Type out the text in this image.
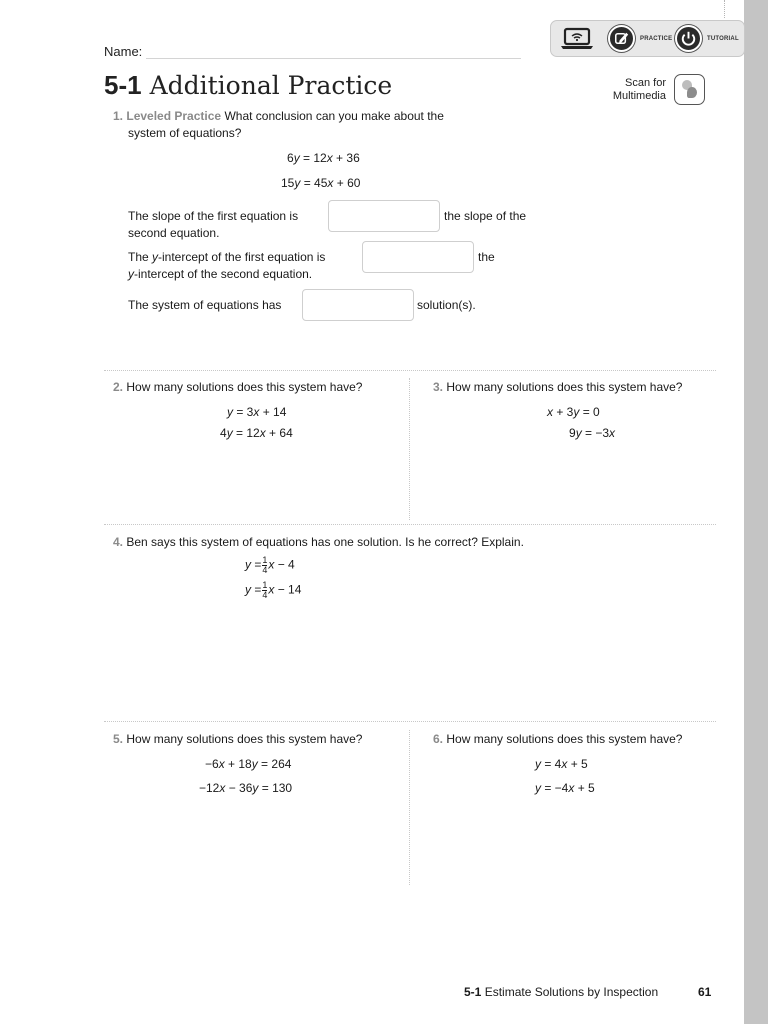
PRACTICE	TUTORIAL
Name:
5-1 Additional Practice	Scan for
Multimedia
1. Leveled Practice What conclusion can you make about the
system of equations?
6y = 12x + 36
15y = 45x + 60
The slope of the first equation is	the slope of the
second equation.
The y-intercept of the first equation is	the
y-intercept of the second equation.
The system of equations has	solution(s).
2. How many solutions does this system have?
y = 3x + 14
4y = 12x + 64
3. How many solutions does this system have?
x + 3y = 0
9y = −3x
4. Ben says this system of equations has one solution. Is he correct? Explain.
$y = \frac{1}{4}$ x − 4
$y = \frac{1}{4}$ x − 14
5. How many solutions does this system have?
−6x + 18y = 264
−12x − 36y = 130
6. How many solutions does this system have?
y = 4x + 5
y = −4x + 5
5-1 Estimate Solutions by Inspection	61
